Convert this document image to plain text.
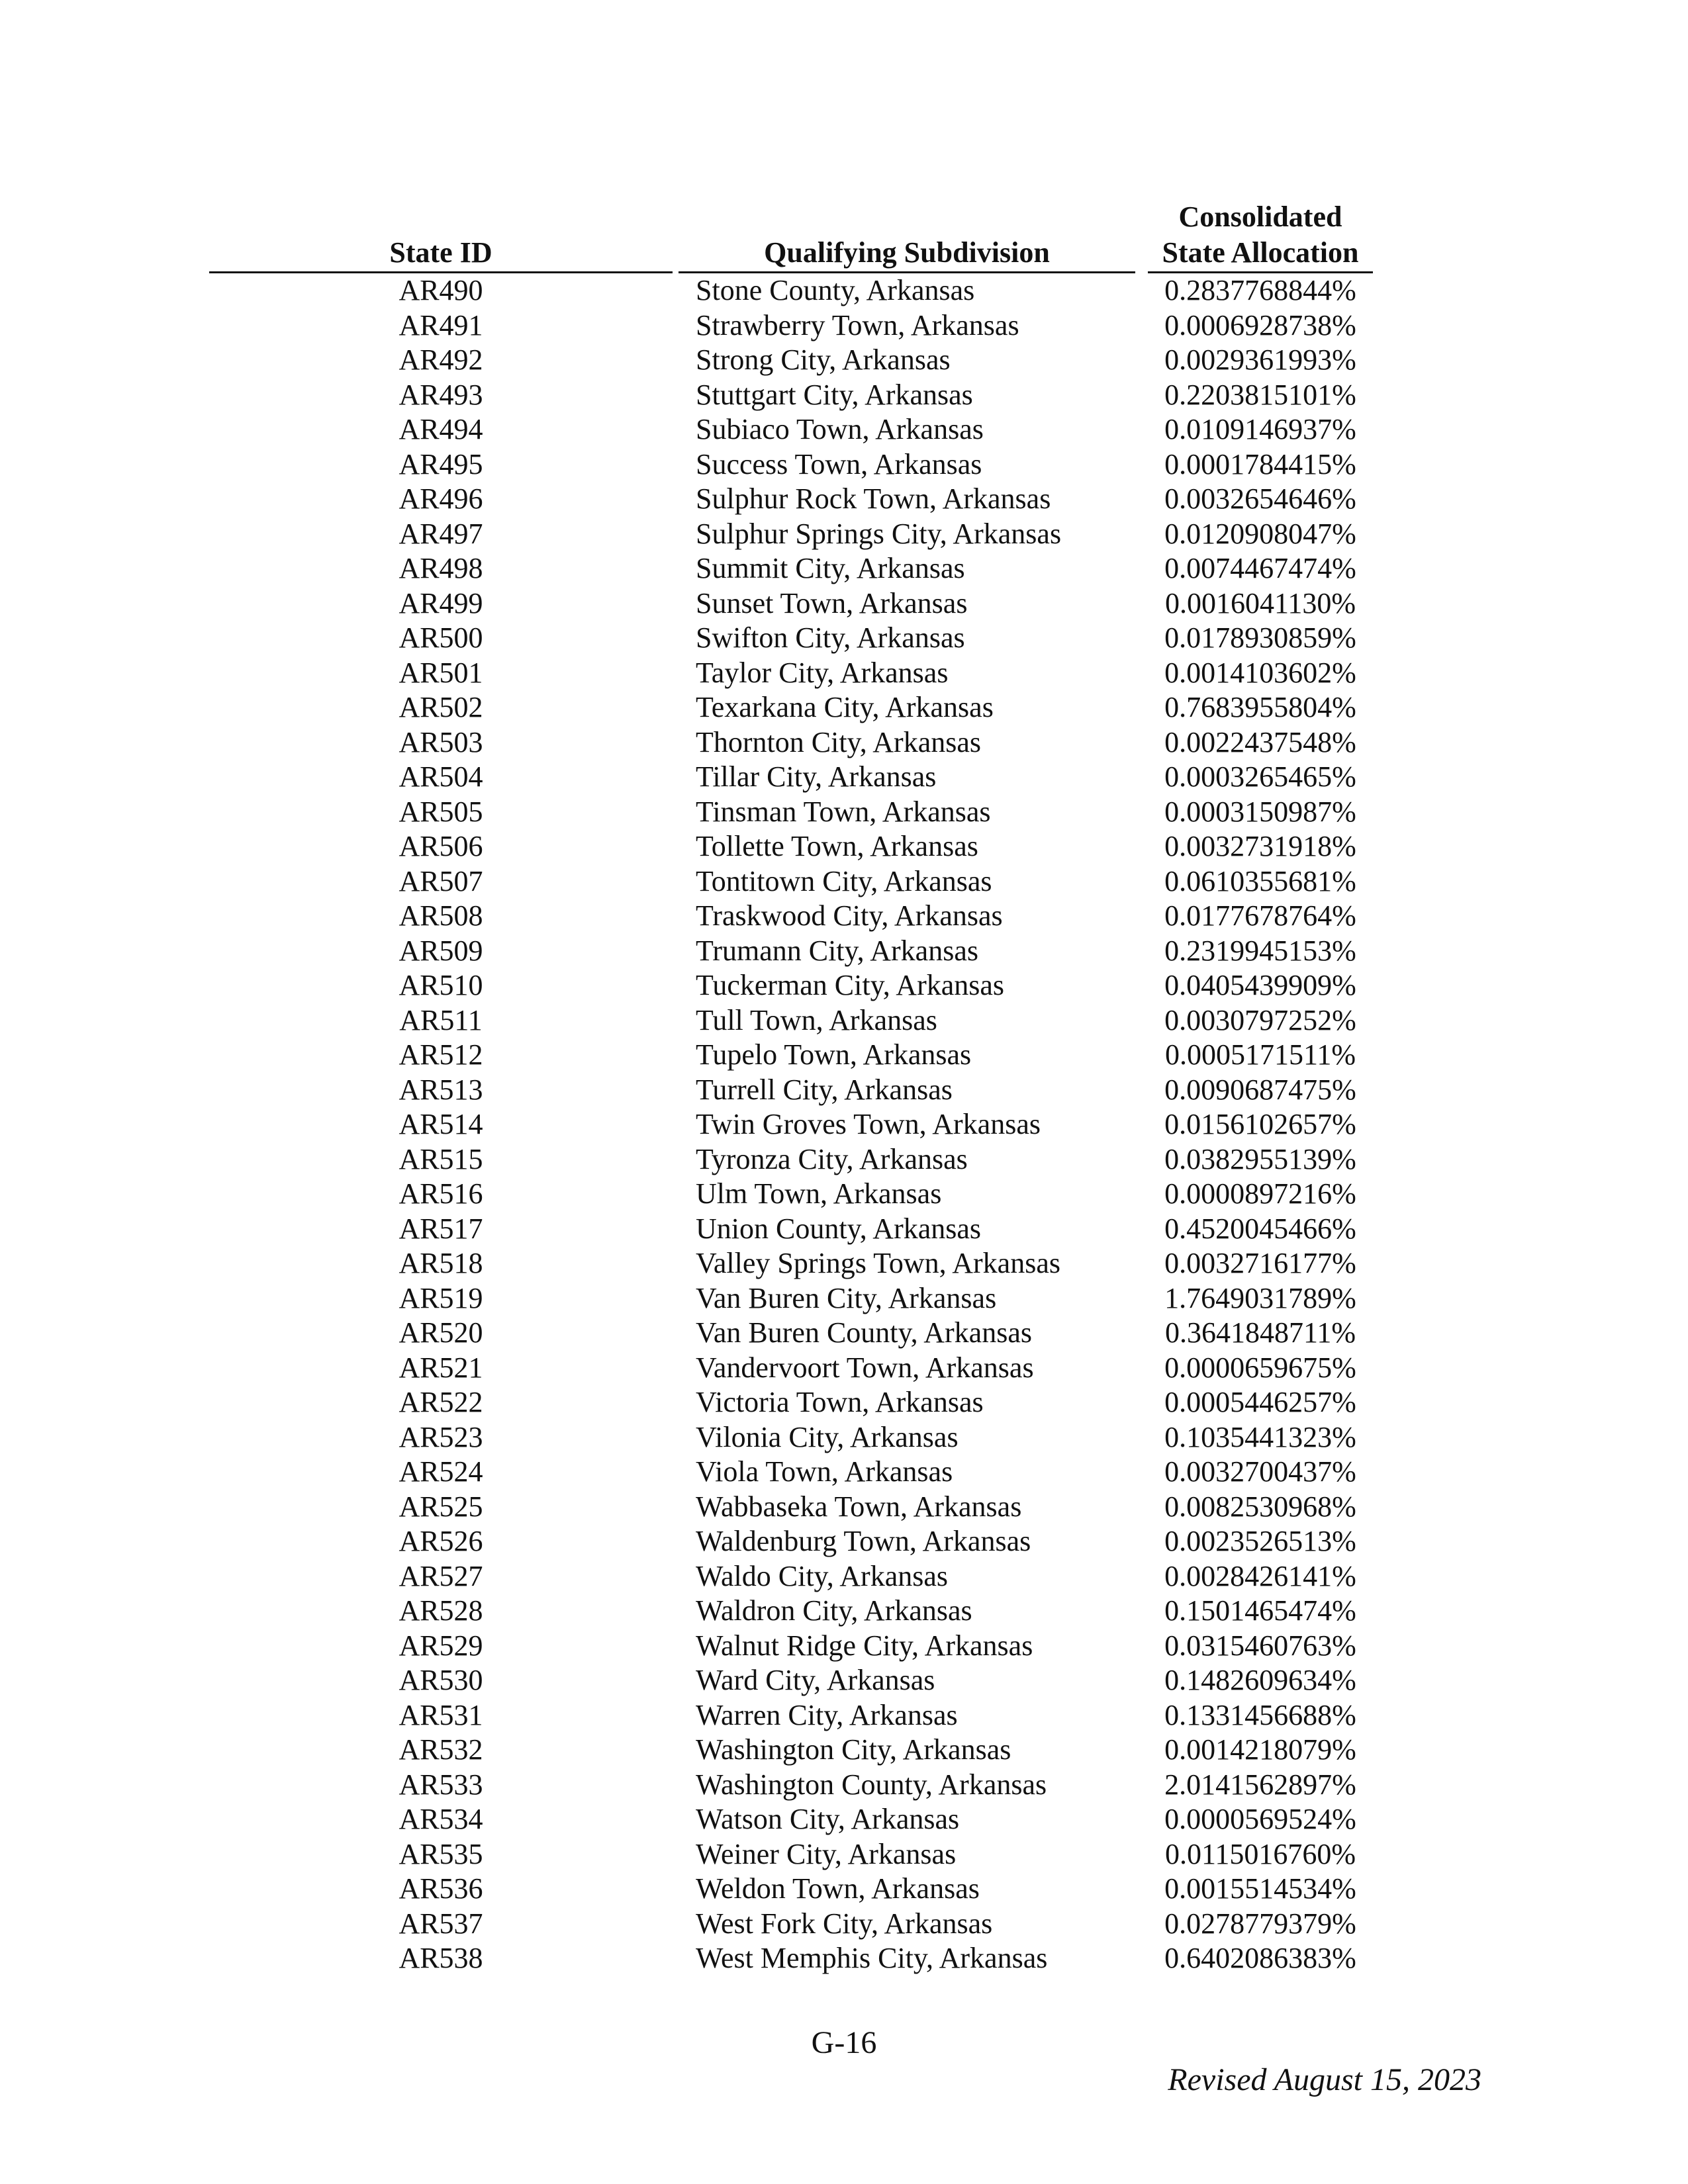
State ID	Qualifying Subdivision
Consolidated
State Allocation
AR490	Stone County, Arkansas	0.2837768844%
AR491	Strawberry Town, Arkansas	0.0006928738%
AR492	Strong City, Arkansas	0.0029361993%
AR493	Stuttgart City, Arkansas	0.2203815101%
AR494	Subiaco Town, Arkansas	0.0109146937%
AR495	Success Town, Arkansas	0.0001784415%
AR496	Sulphur Rock Town, Arkansas	0.0032654646%
AR497	Sulphur Springs City, Arkansas	0.0120908047%
AR498	Summit City, Arkansas	0.0074467474%
AR499	Sunset Town, Arkansas	0.0016041130%
AR500	Swifton City, Arkansas	0.0178930859%
AR501	Taylor City, Arkansas	0.0014103602%
AR502	Texarkana City, Arkansas	0.7683955804%
AR503	Thornton City, Arkansas	0.0022437548%
AR504	Tillar City, Arkansas	0.0003265465%
AR505	Tinsman Town, Arkansas	0.0003150987%
AR506	Tollette Town, Arkansas	0.0032731918%
AR507	Tontitown City, Arkansas	0.0610355681%
AR508	Traskwood City, Arkansas	0.0177678764%
AR509	Trumann City, Arkansas	0.2319945153%
AR510	Tuckerman City, Arkansas	0.0405439909%
AR511	Tull Town, Arkansas	0.0030797252%
AR512	Tupelo Town, Arkansas	0.0005171511%
AR513	Turrell City, Arkansas	0.0090687475%
AR514	Twin Groves Town, Arkansas	0.0156102657%
AR515	Tyronza City, Arkansas	0.0382955139%
AR516	Ulm Town, Arkansas	0.0000897216%
AR517	Union County, Arkansas	0.4520045466%
AR518	Valley Springs Town, Arkansas	0.0032716177%
AR519	Van Buren City, Arkansas	1.7649031789%
AR520	Van Buren County, Arkansas	0.3641848711%
AR521	Vandervoort Town, Arkansas	0.0000659675%
AR522	Victoria Town, Arkansas	0.0005446257%
AR523	Vilonia City, Arkansas	0.1035441323%
AR524	Viola Town, Arkansas	0.0032700437%
AR525	Wabbaseka Town, Arkansas	0.0082530968%
AR526	Waldenburg Town, Arkansas	0.0023526513%
AR527	Waldo City, Arkansas	0.0028426141%
AR528	Waldron City, Arkansas	0.1501465474%
AR529	Walnut Ridge City, Arkansas	0.0315460763%
AR530	Ward City, Arkansas	0.1482609634%
AR531	Warren City, Arkansas	0.1331456688%
AR532	Washington City, Arkansas	0.0014218079%
AR533	Washington County, Arkansas	2.0141562897%
AR534	Watson City, Arkansas	0.0000569524%
AR535	Weiner City, Arkansas	0.0115016760%
AR536	Weldon Town, Arkansas	0.0015514534%
AR537	West Fork City, Arkansas	0.0278779379%
AR538	West Memphis City, Arkansas	0.6402086383%
G-16
Revised August 15, 2023
